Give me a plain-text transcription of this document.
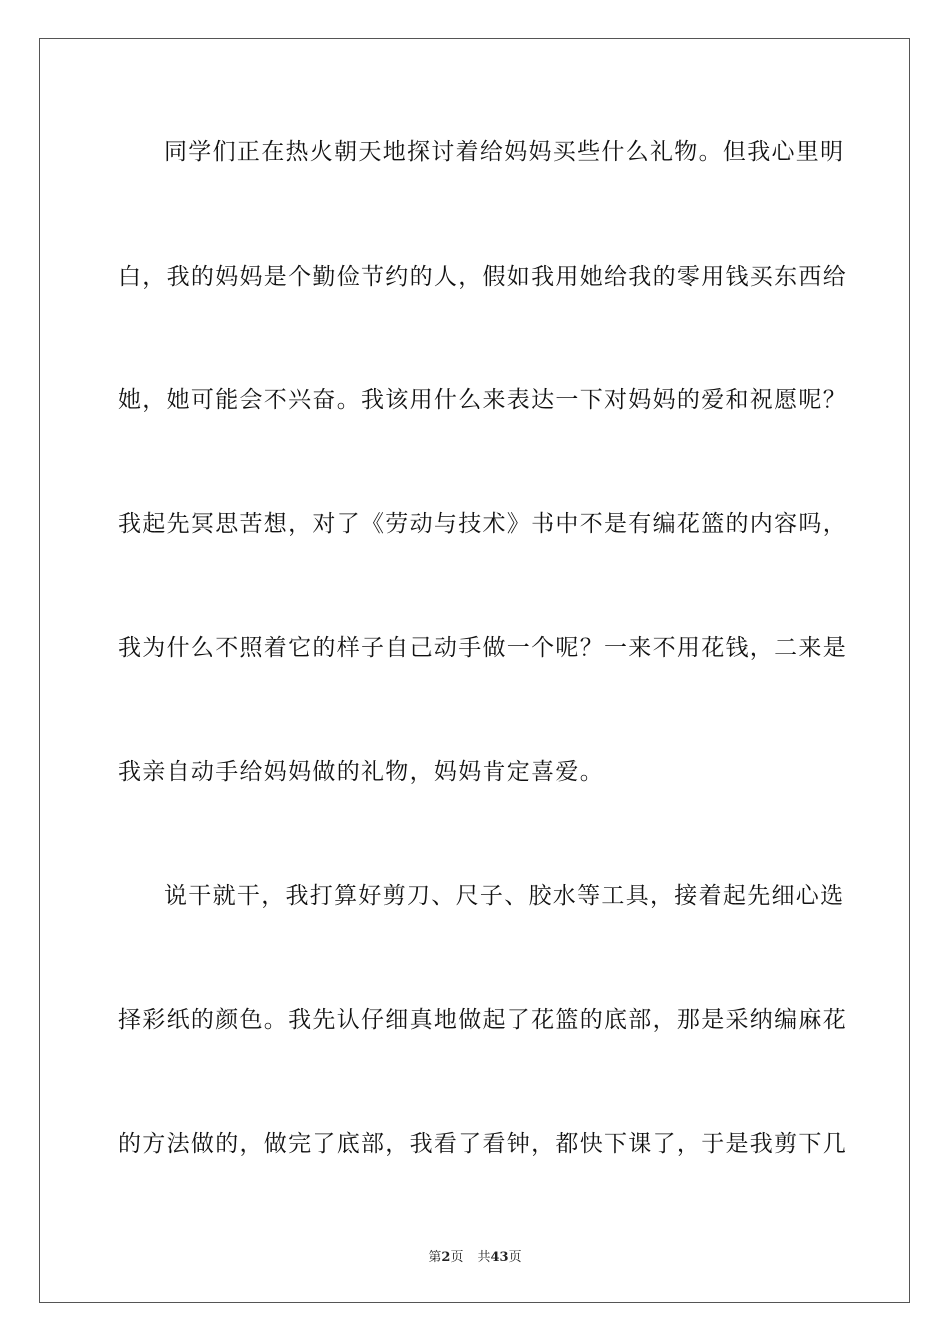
同学们正在热火朝天地探讨着给妈妈买些什么礼物。但我心里明
白，我的妈妈是个勤俭节约的人，假如我用她给我的零用钱买东西给
她，她可能会不兴奋。我该用什么来表达一下对妈妈的爱和祝愿呢？
我起先冥思苦想，对了《劳动与技术》书中不是有编花篮的内容吗，
我为什么不照着它的样子自己动手做一个呢？一来不用花钱，二来是
我亲自动手给妈妈做的礼物，妈妈肯定喜爱。
说干就干，我打算好剪刀、尺子、胶水等工具，接着起先细心选
择彩纸的颜色。我先认仔细真地做起了花篮的底部，那是采纳编麻花
的方法做的，做完了底部，我看了看钟，都快下课了，于是我剪下几
第2页 共43页
